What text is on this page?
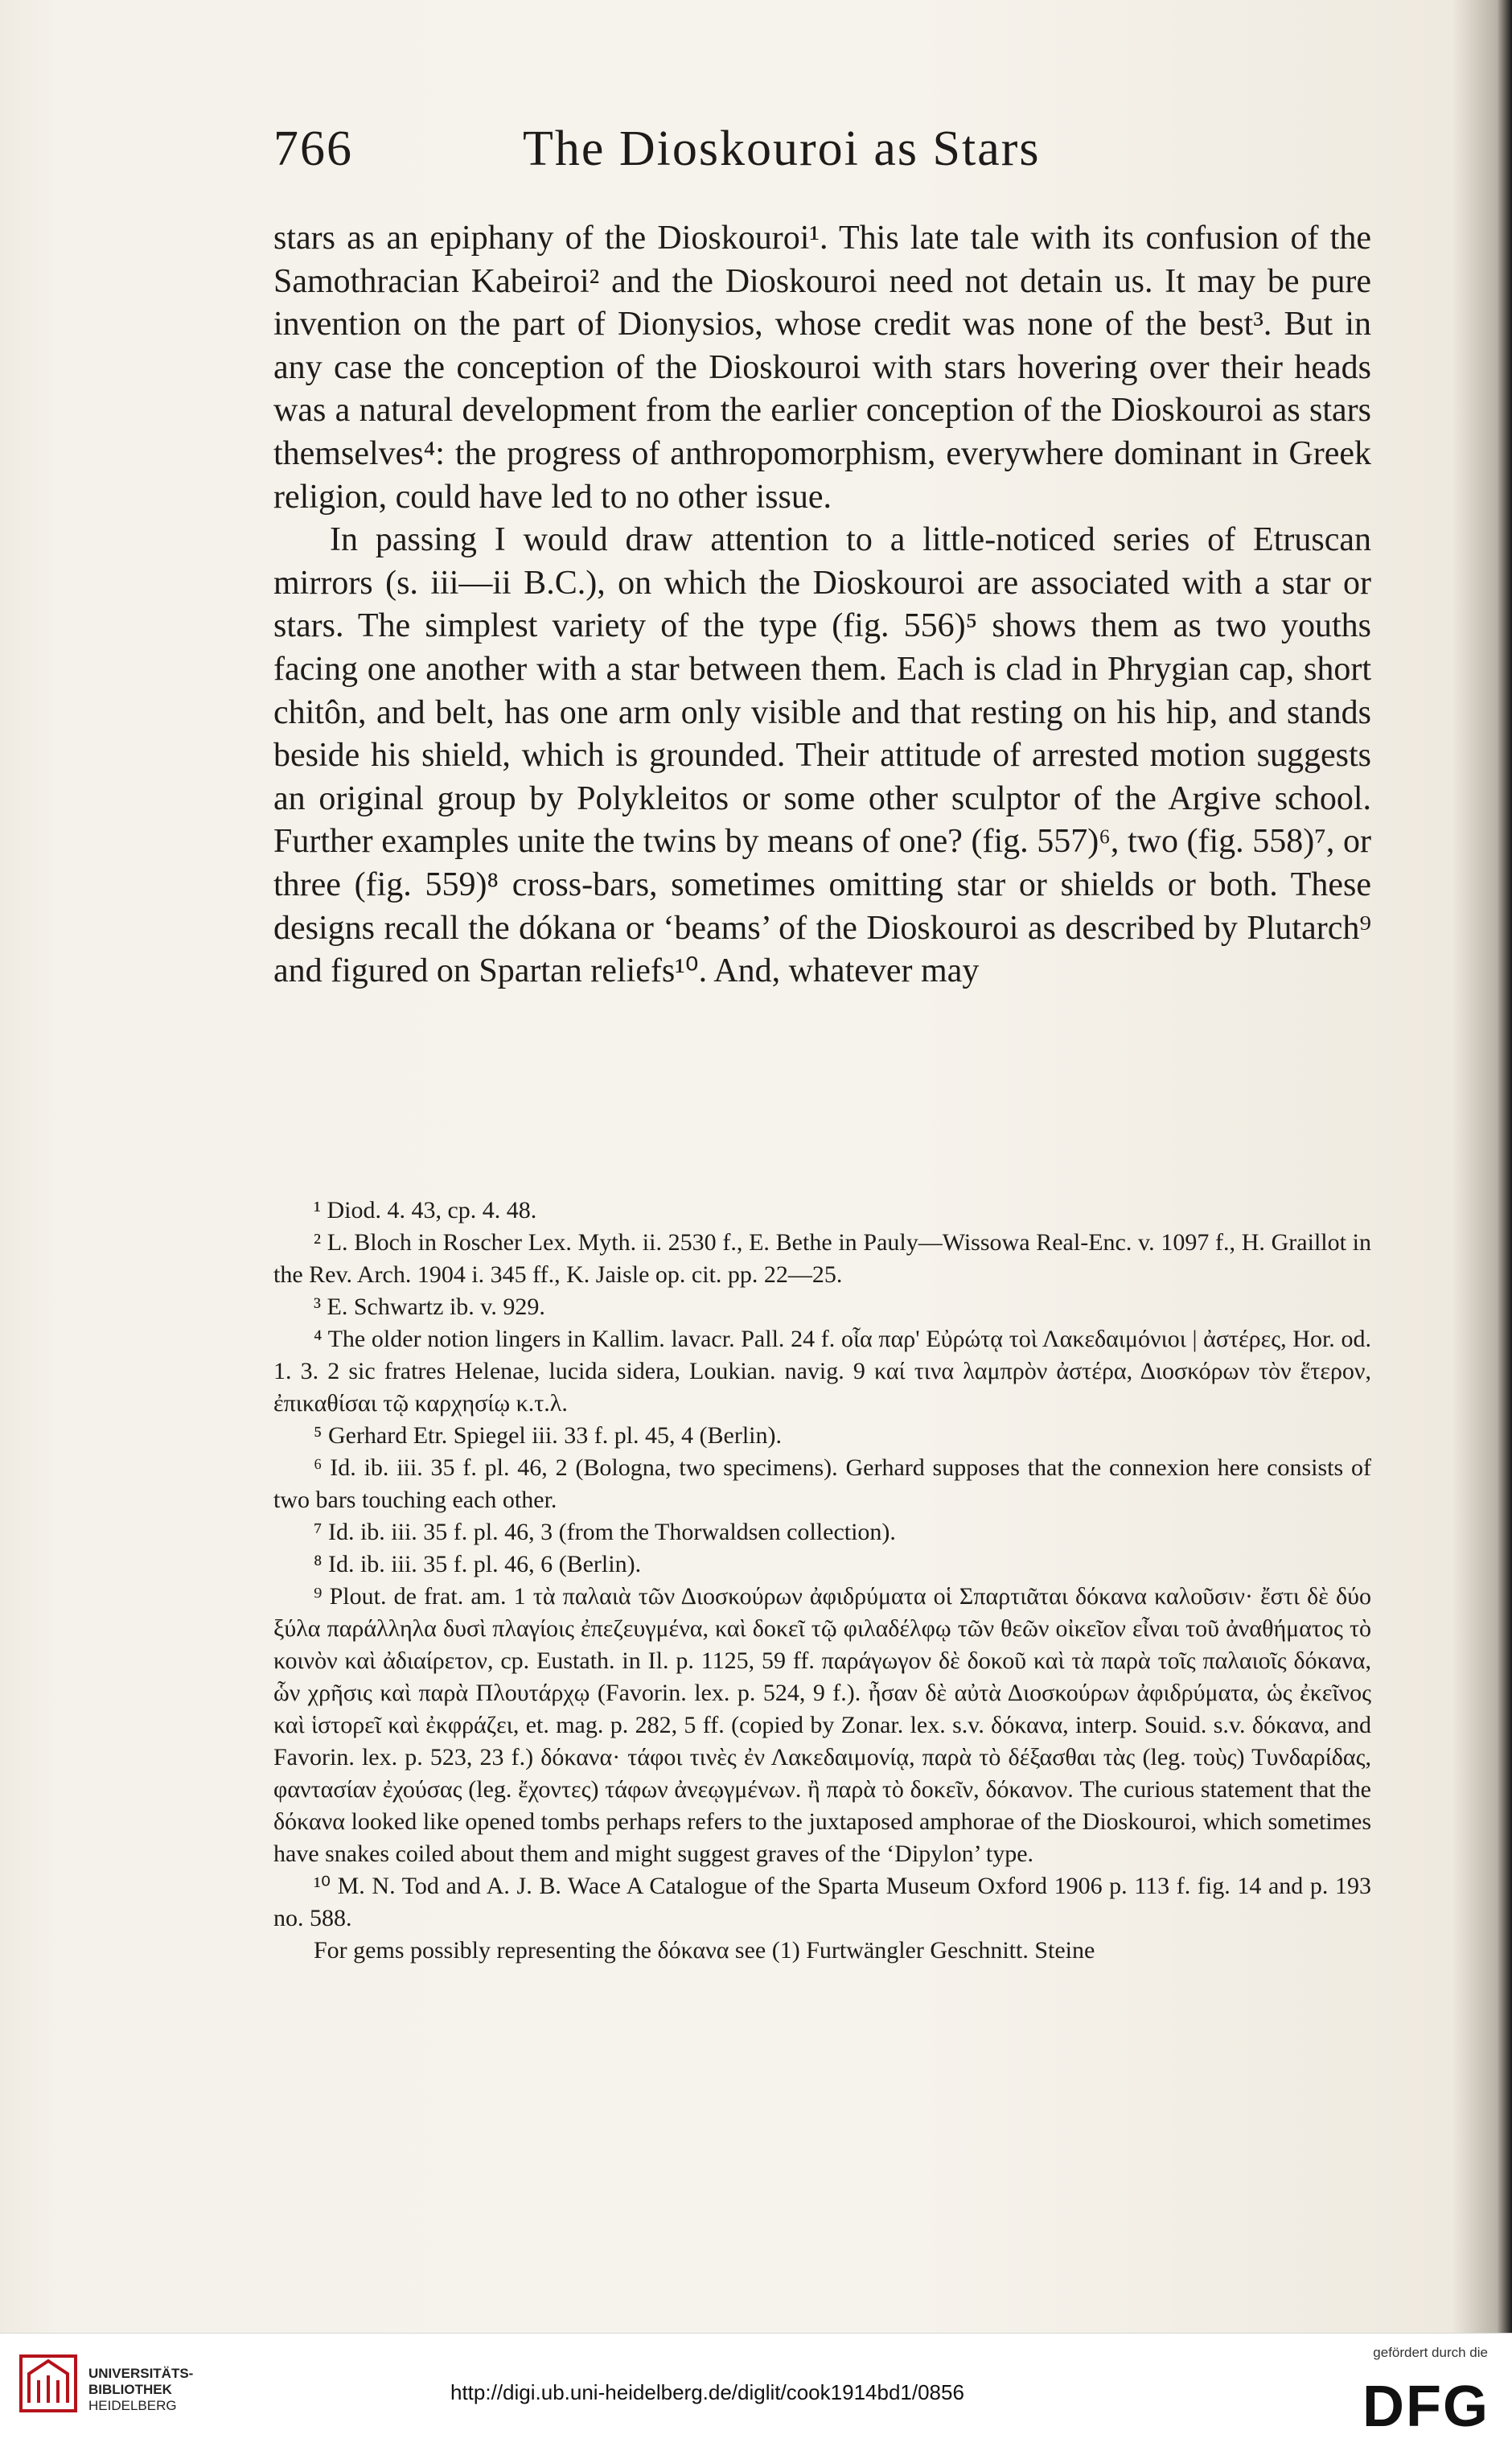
766	The Dioskouroi as Stars

stars as an epiphany of the Dioskouroi¹. This late tale with its confusion of the Samothracian Kabeiroi² and the Dioskouroi need not detain us. It may be pure invention on the part of Dionysios, whose credit was none of the best³. But in any case the conception of the Dioskouroi with stars hovering over their heads was a natural development from the earlier conception of the Dioskouroi as stars themselves⁴: the progress of anthropomorphism, everywhere dominant in Greek religion, could have led to no other issue.

In passing I would draw attention to a little-noticed series of Etruscan mirrors (s. iii—ii B.C.), on which the Dioskouroi are associated with a star or stars. The simplest variety of the type (fig. 556)⁵ shows them as two youths facing one another with a star between them. Each is clad in Phrygian cap, short chitôn, and belt, has one arm only visible and that resting on his hip, and stands beside his shield, which is grounded. Their attitude of arrested motion suggests an original group by Polykleitos or some other sculptor of the Argive school. Further examples unite the twins by means of one? (fig. 557)⁶, two (fig. 558)⁷, or three (fig. 559)⁸ cross-bars, sometimes omitting star or shields or both. These designs recall the dókana or ‘beams’ of the Dioskouroi as described by Plutarch⁹ and figured on Spartan reliefs¹⁰. And, whatever may

¹ Diod. 4. 43, cp. 4. 48.

² L. Bloch in Roscher Lex. Myth. ii. 2530 f., E. Bethe in Pauly—Wissowa Real-Enc. v. 1097 f., H. Graillot in the Rev. Arch. 1904 i. 345 ff., K. Jaisle op. cit. pp. 22—25.

³ E. Schwartz ib. v. 929.

⁴ The older notion lingers in Kallim. lavacr. Pall. 24 f. οἷα παρ' Εὐρώτᾳ τοὶ Λακεδαιμόνιοι | ἀστέρες, Hor. od. 1. 3. 2 sic fratres Helenae, lucida sidera, Loukian. navig. 9 καί τινα λαμπρὸν ἀστέρα, Διοσκόρων τὸν ἕτερον, ἐπικαθίσαι τῷ καρχησίῳ κ.τ.λ.

⁵ Gerhard Etr. Spiegel iii. 33 f. pl. 45, 4 (Berlin).

⁶ Id. ib. iii. 35 f. pl. 46, 2 (Bologna, two specimens). Gerhard supposes that the connexion here consists of two bars touching each other.

⁷ Id. ib. iii. 35 f. pl. 46, 3 (from the Thorwaldsen collection).

⁸ Id. ib. iii. 35 f. pl. 46, 6 (Berlin).

⁹ Plout. de frat. am. 1 τὰ παλαιὰ τῶν Διοσκούρων ἀφιδρύματα οἱ Σπαρτιᾶται δόκανα καλοῦσιν· ἔστι δὲ δύο ξύλα παράλληλα δυσὶ πλαγίοις ἐπεζευγμένα, καὶ δοκεῖ τῷ φιλαδέλφῳ τῶν θεῶν οἰκεῖον εἶναι τοῦ ἀναθήματος τὸ κοινὸν καὶ ἀδιαίρετον, cp. Eustath. in Il. p. 1125, 59 ff. παράγωγον δὲ δοκοῦ καὶ τὰ παρὰ τοῖς παλαιοῖς δόκανα, ὧν χρῆσις καὶ παρὰ Πλουτάρχῳ (Favorin. lex. p. 524, 9 f.). ἦσαν δὲ αὐτὰ Διοσκούρων ἀφιδρύματα, ὡς ἐκεῖνος καὶ ἱστορεῖ καὶ ἐκφράζει, et. mag. p. 282, 5 ff. (copied by Zonar. lex. s.v. δόκανα, interp. Souid. s.v. δόκανα, and Favorin. lex. p. 523, 23 f.) δόκανα· τάφοι τινὲς ἐν Λακεδαιμονίᾳ, παρὰ τὸ δέξασθαι τὰς (leg. τοὺς) Τυνδαρίδας, φαντασίαν ἐχούσας (leg. ἔχοντες) τάφων ἀνεῳγμένων. ἢ παρὰ τὸ δοκεῖν, δόκανον. The curious statement that the δόκανα looked like opened tombs perhaps refers to the juxtaposed amphorae of the Dioskouroi, which sometimes have snakes coiled about them and might suggest graves of the ‘Dipylon’ type.

¹⁰ M. N. Tod and A. J. B. Wace A Catalogue of the Sparta Museum Oxford 1906 p. 113 f. fig. 14 and p. 193 no. 588.

For gems possibly representing the δόκανα see (1) Furtwängler Geschnitt. Steine

UNIVERSITÄTS-
BIBLIOTHEK
HEIDELBERG
http://digi.ub.uni-heidelberg.de/diglit/cook1914bd1/0856
gefördert durch die
DFG
